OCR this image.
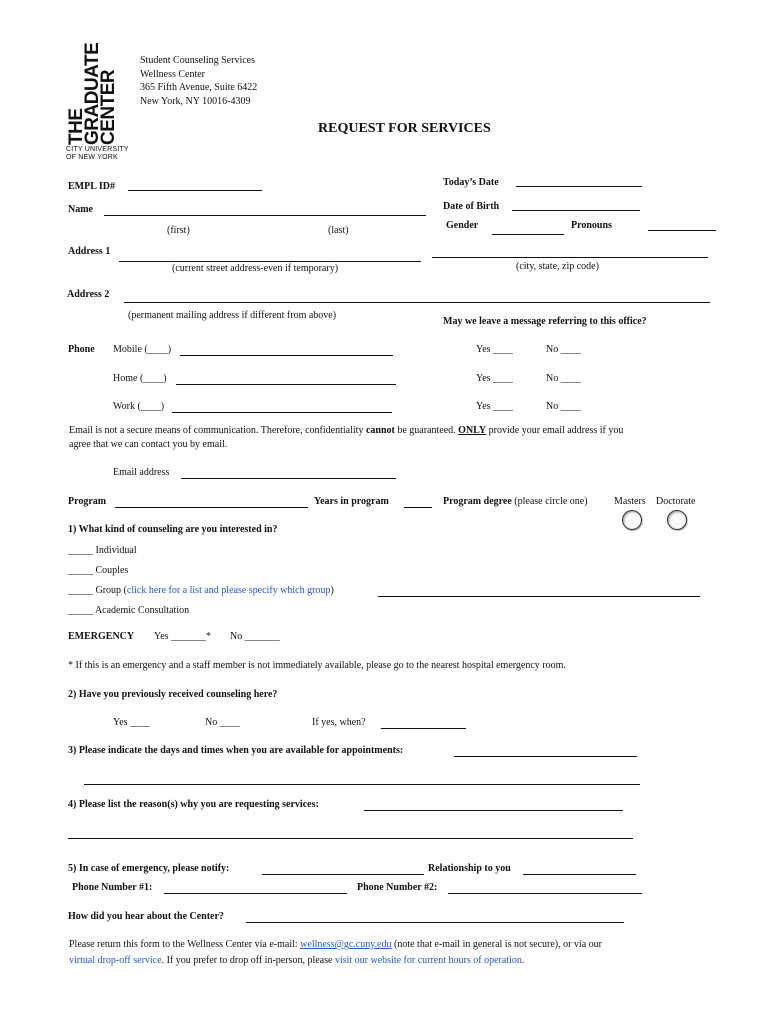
THE
GRADUATE
CENTER
CITY UNIVERSITY
OF NEW YORK
Student Counseling Services
Wellness Center
365 Fifth Avenue, Suite 6422
New York, NY 10016-4309
REQUEST FOR SERVICES
EMPL ID#	Today’s Date
Name	Date of Birth
(first)	(last)	Gender	Pronouns
Address 1
(current street address-even if temporary)	(city, state, zip code)
Address 2
(permanent mailing address if different from above)
May we leave a message referring to this office?
Phone Mobile (____)	Yes ____	No ____
Home (____)	Yes ____	No ____
Work (____)	Yes ____	No ____
Email is not a secure means of communication. Therefore, confidentiality cannot be guaranteed. ONLY provide your email address if you
agree that we can contact you by email.
Email address
Program	Years in program	Program degree (please circle one)	Masters Doctorate
1) What kind of counseling are you interested in?
_____ Individual
_____ Couples
_____ Group (click here for a list and please specify which group)
_____ Academic Consultation
EMERGENCY Yes _______* No _______
* If this is an emergency and a staff member is not immediately available, please go to the nearest hospital emergency room.
2) Have you previously received counseling here?
Yes ____	No ____	If yes, when?
3) Please indicate the days and times when you are available for appointments:
4) Please list the reason(s) why you are requesting services:
5) In case of emergency, please notify:	Relationship to you
Phone Number #1:	Phone Number #2:
How did you hear about the Center?
Please return this form to the Wellness Center via e-mail: wellness@gc.cuny.edu (note that e-mail in general is not secure), or via our
virtual drop-off service. If you prefer to drop off in-person, please visit our website for current hours of operation.
